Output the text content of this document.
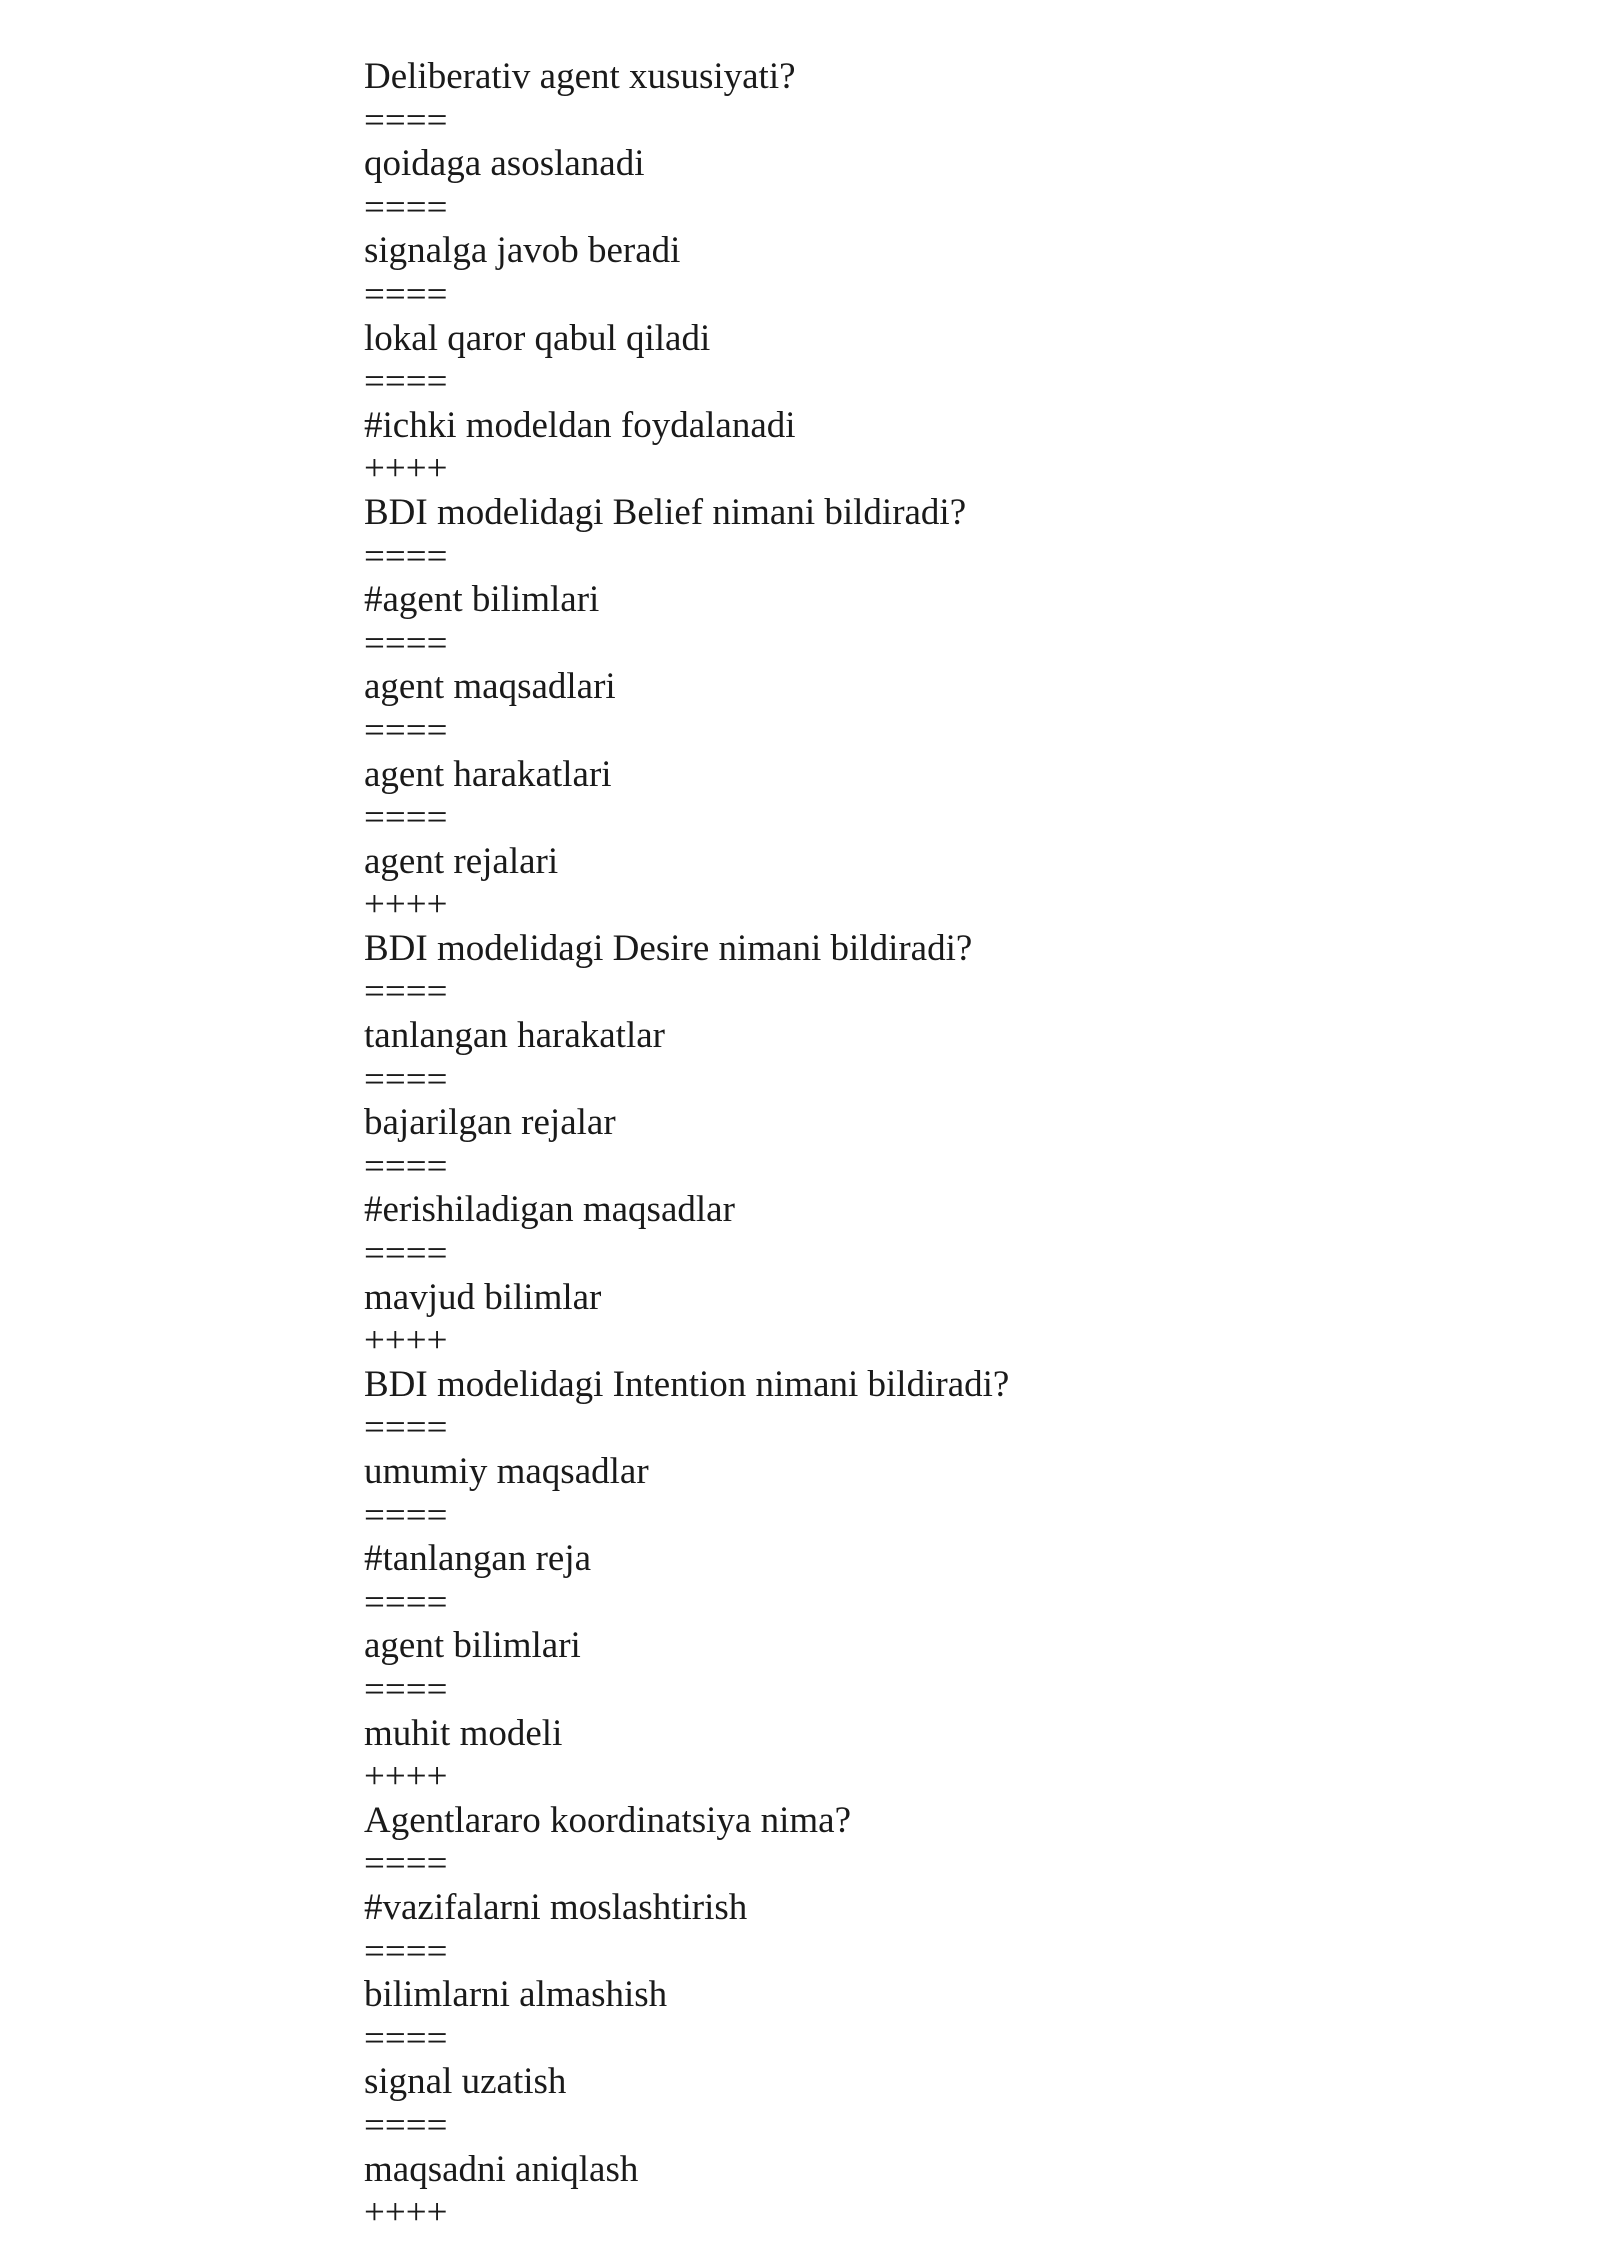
Deliberativ agent xususiyati?
====
qoidaga asoslanadi
====
signalga javob beradi
====
lokal qaror qabul qiladi
====
#ichki modeldan foydalanadi
++++
BDI modelidagi Belief nimani bildiradi?
====
#agent bilimlari
====
agent maqsadlari
====
agent harakatlari
====
agent rejalari
++++
BDI modelidagi Desire nimani bildiradi?
====
tanlangan harakatlar
====
bajarilgan rejalar
====
#erishiladigan maqsadlar
====
mavjud bilimlar
++++
BDI modelidagi Intention nimani bildiradi?
====
umumiy maqsadlar
====
#tanlangan reja
====
agent bilimlari
====
muhit modeli
++++
Agentlararo koordinatsiya nima?
====
#vazifalarni moslashtirish
====
bilimlarni almashish
====
signal uzatish
====
maqsadni aniqlash
++++
